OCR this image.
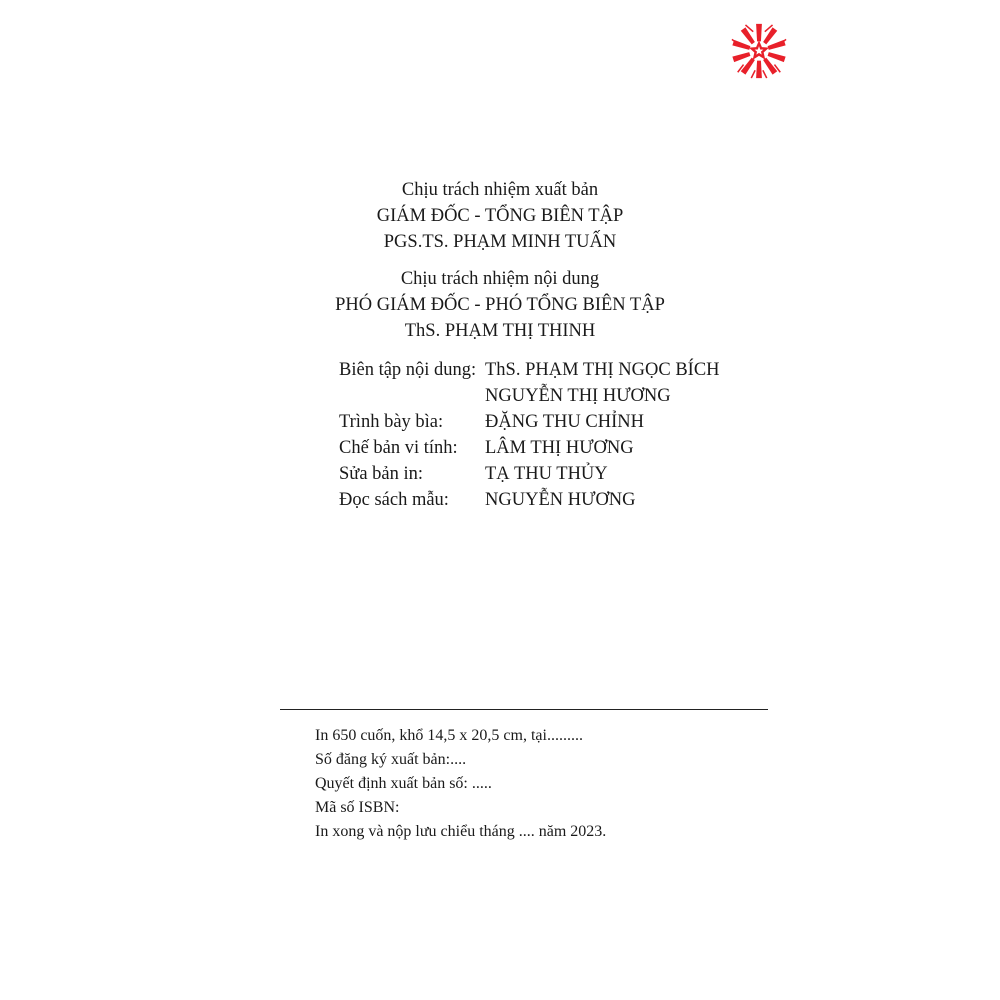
Chịu trách nhiệm xuất bản
GIÁM ĐỐC - TỔNG BIÊN TẬP
PGS.TS. PHẠM MINH TUẤN
Chịu trách nhiệm nội dung
PHÓ GIÁM ĐỐC - PHÓ TỔNG BIÊN TẬP
ThS. PHẠM THỊ THINH
Biên tập nội dung: ThS. PHẠM THỊ NGỌC BÍCH
NGUYỄN THỊ HƯƠNG
Trình bày bìa:	ĐẶNG THU CHỈNH
Chế bản vi tính:	LÂM THỊ HƯƠNG
Sửa bản in:	TẠ THU THỦY
Đọc sách mẫu:	NGUYỄN HƯƠNG
In 650 cuốn, khổ 14,5 x 20,5 cm, tại.........
Số đăng ký xuất bản:....
Quyết định xuất bản số: .....
Mã số ISBN:
In xong và nộp lưu chiểu tháng .... năm 2023.
